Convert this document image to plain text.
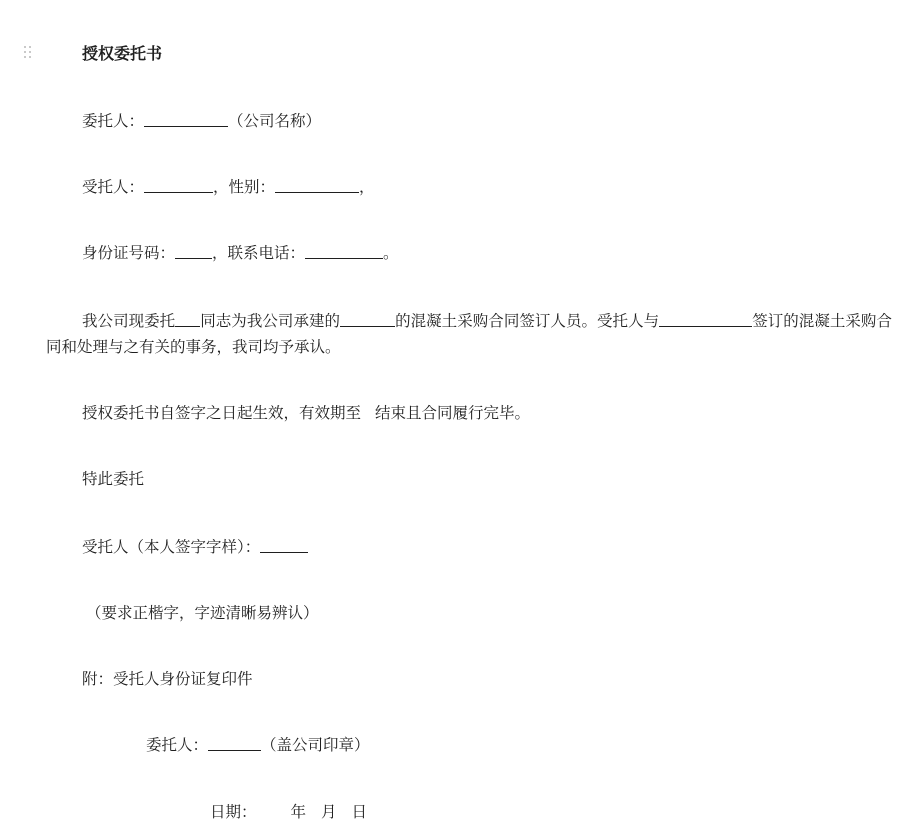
授权委托书
委托人：	（公司名称）
受托人：	，性别：	，
身份证号码： ，联系电话：	。
我公司现委托 同志为我公司承建的	的混凝土采购合同签订人员。受托人与	签订的混凝土采购合同和处理与之有关的事务，我司均予承认。
授权委托书自签字之日起生效，有效期至 结束且合同履行完毕。
特此委托
受托人（本人签字字样）：
（要求正楷字，字迹清晰易辨认）
附：受托人身份证复印件
委托人：	（盖公司印章）
日期： 年 月 日
